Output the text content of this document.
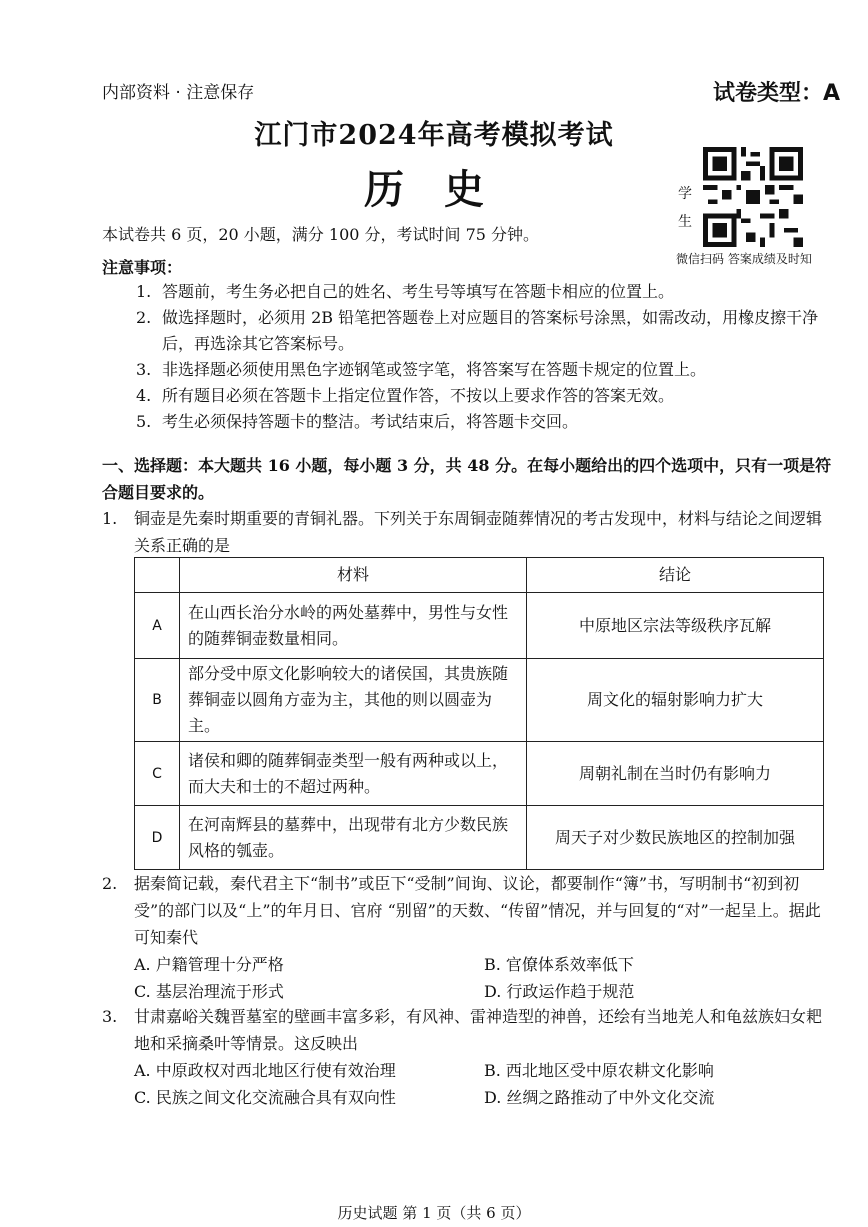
内部资料 · 注意保存	试卷类型：A
江门市2024年高考模拟考试
历史	学
生
微信扫码 答案成绩及时知
本试卷共 6 页，20 小题，满分 100 分，考试时间 75 分钟。
注意事项：
1. 答题前，考生务必把自己的姓名、考生号等填写在答题卡相应的位置上。
2. 做选择题时，必须用 2B 铅笔把答题卷上对应题目的答案标号涂黑，如需改动，用橡皮擦干净后，再选涂其它答案标号。
3. 非选择题必须使用黑色字迹钢笔或签字笔，将答案写在答题卡规定的位置上。
4. 所有题目必须在答题卡上指定位置作答，不按以上要求作答的答案无效。
5. 考生必须保持答题卡的整洁。考试结束后，将答题卡交回。
一、选择题：本大题共 16 小题，每小题 3 分，共 48 分。在每小题给出的四个选项中，只有一项是符合题目要求的。
1.	铜壶是先秦时期重要的青铜礼器。下列关于东周铜壶随葬情况的考古发现中，材料与结论之间逻辑关系正确的是
	材料	结论
A	在山西长治分水岭的两处墓葬中，男性与女性的随葬铜壶数量相同。	中原地区宗法等级秩序瓦解
B	部分受中原文化影响较大的诸侯国，其贵族随葬铜壶以圆角方壶为主，其他的则以圆壶为主。	周文化的辐射影响力扩大
C	诸侯和卿的随葬铜壶类型一般有两种或以上，而大夫和士的不超过两种。	周朝礼制在当时仍有影响力
D	在河南辉县的墓葬中，出现带有北方少数民族风格的瓠壶。	周天子对少数民族地区的控制加强
2.	据秦简记载，秦代君主下“制书”或臣下“受制”间询、议论，都要制作“簿”书，写明制书“初到初受”的部门以及“上”的年月日、官府 “别留”的天数、“传留”情况，并与回复的“对”一起呈上。据此可知秦代
A. 户籍管理十分严格	B. 官僚体系效率低下
C. 基层治理流于形式	D. 行政运作趋于规范
3.	甘肃嘉峪关魏晋墓室的壁画丰富多彩，有风神、雷神造型的神兽，还绘有当地羌人和龟兹族妇女耙地和采摘桑叶等情景。这反映出
A. 中原政权对西北地区行使有效治理	B. 西北地区受中原农耕文化影响
C. 民族之间文化交流融合具有双向性	D. 丝绸之路推动了中外文化交流
历史试题 第 1 页（共 6 页）
